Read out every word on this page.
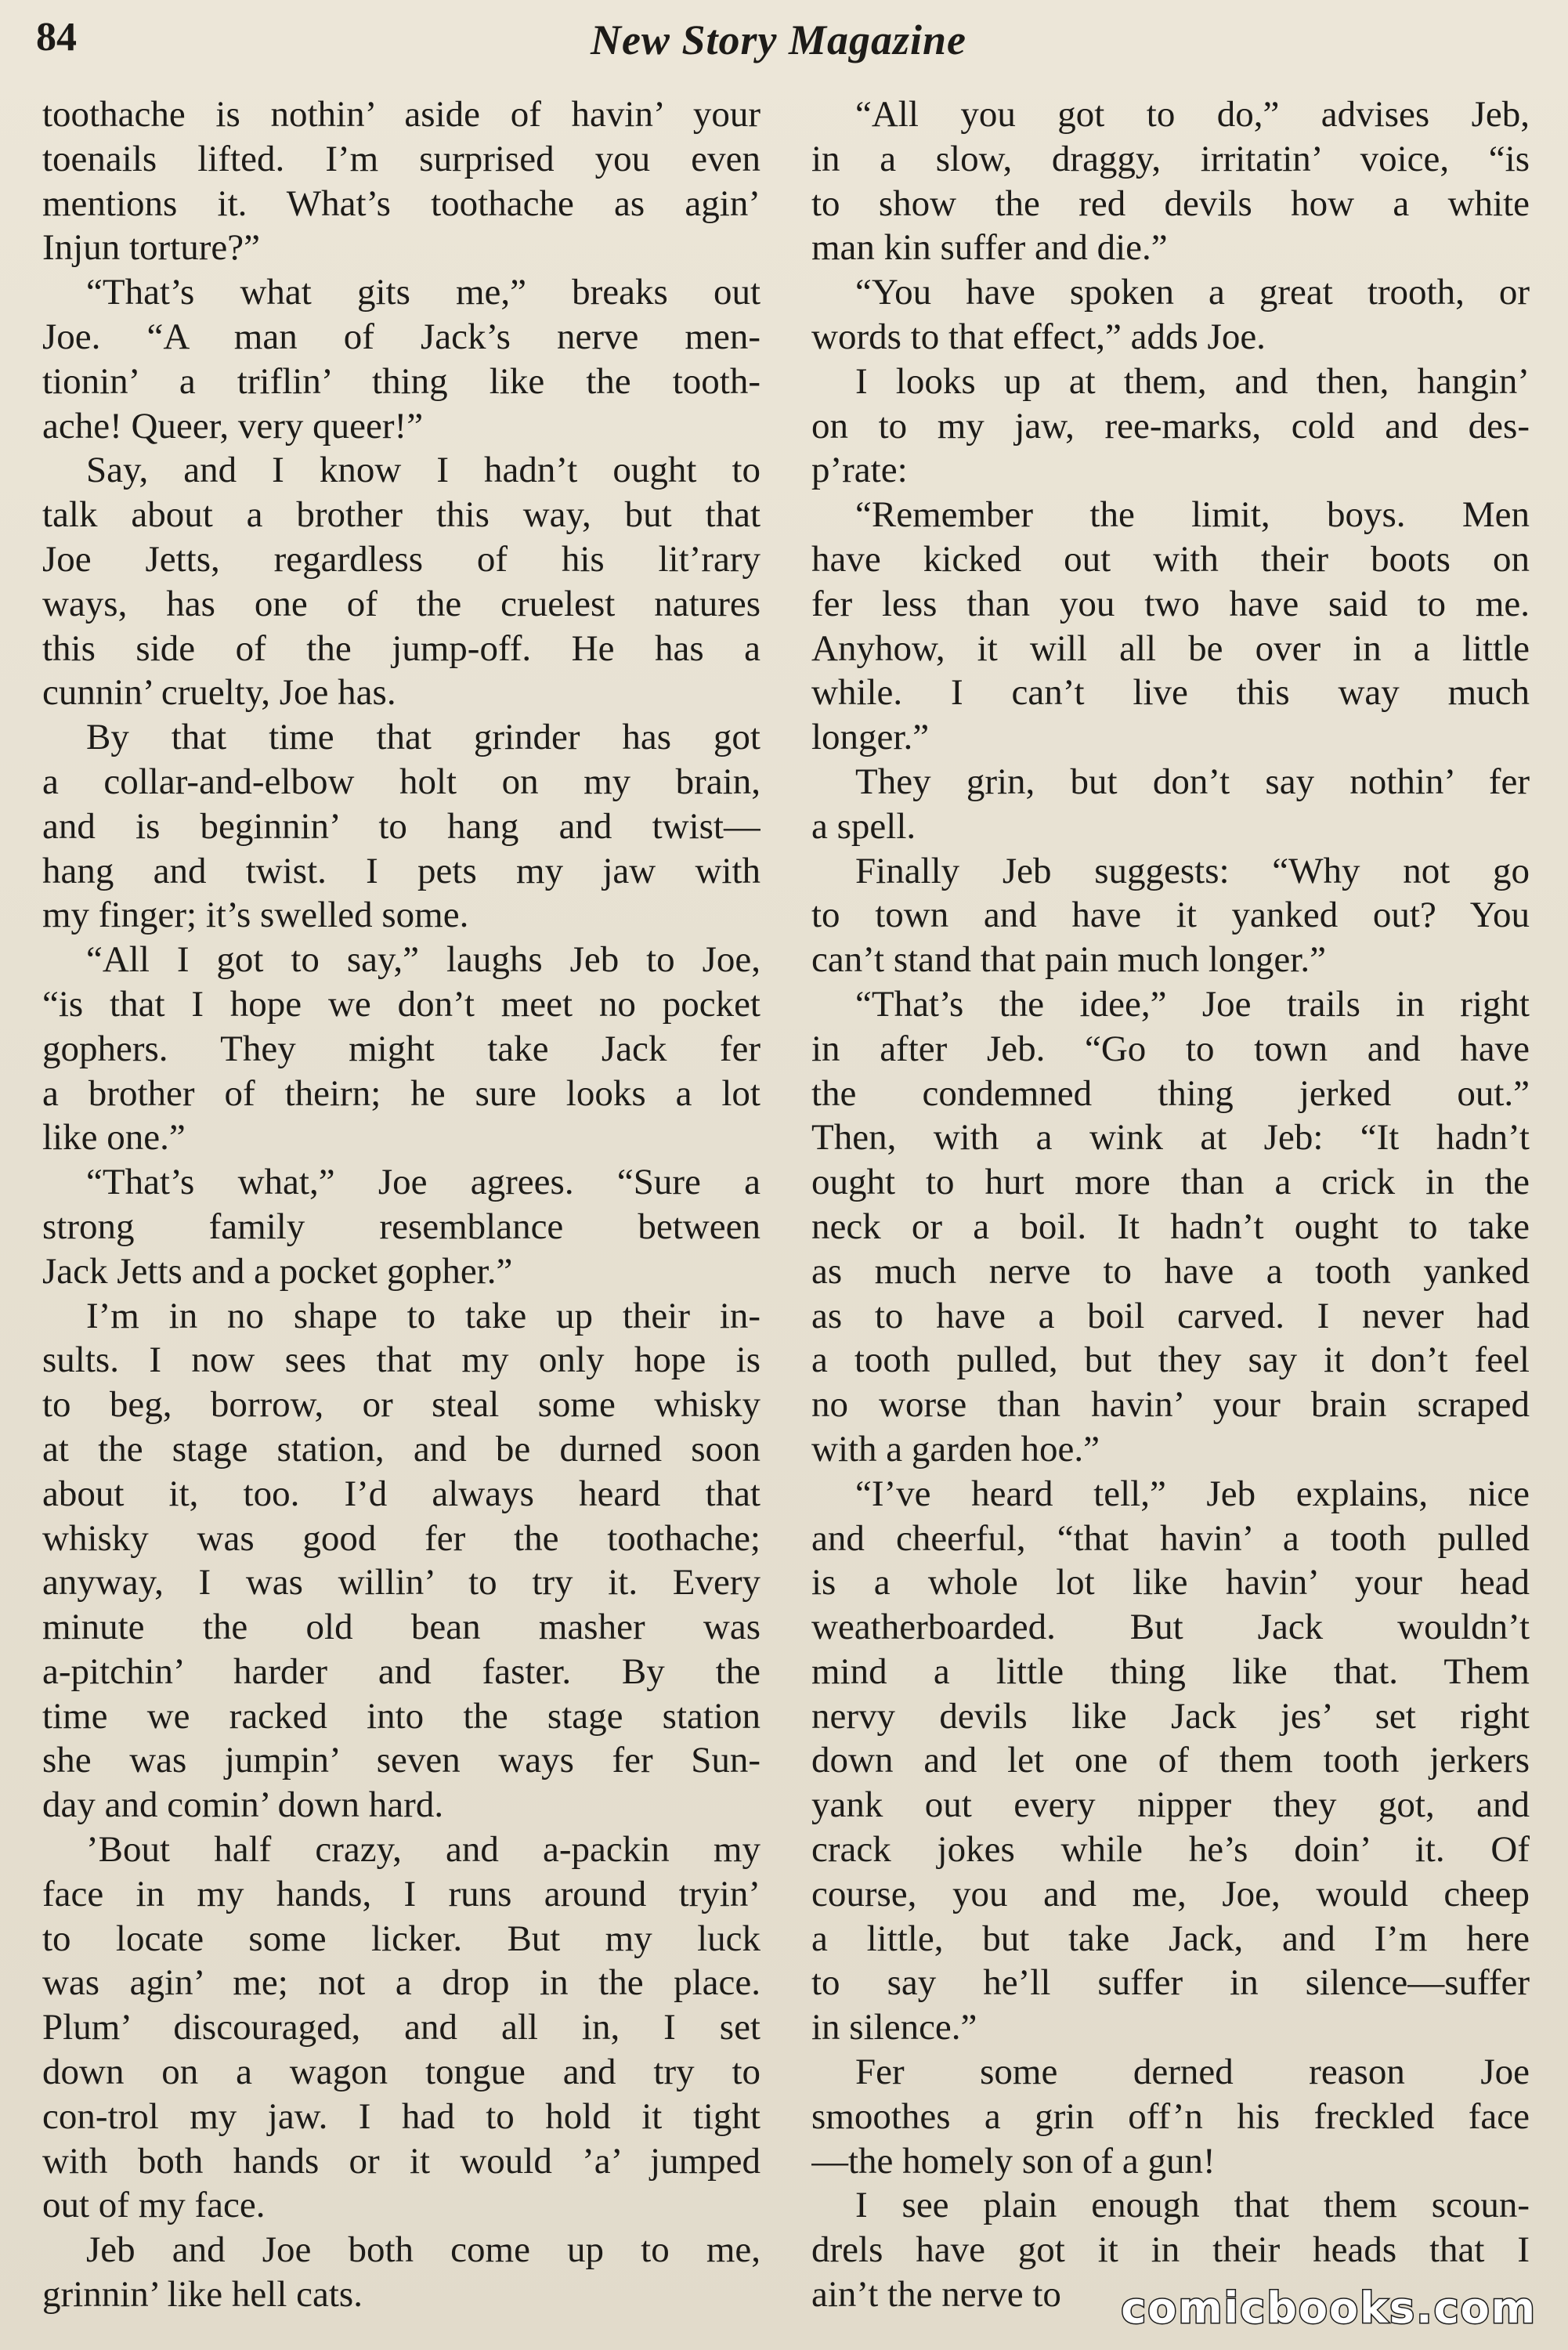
84	New Story Magazine
toothache is nothin’ aside of havin’ your
toenails lifted. I’m surprised you even
mentions it. What’s toothache as agin’
Injun torture?”
“That’s what gits me,” breaks out
Joe. “A man of Jack’s nerve men-
tionin’ a triflin’ thing like the tooth-
ache! Queer, very queer!”
Say, and I know I hadn’t ought to
talk about a brother this way, but that
Joe Jetts, regardless of his lit’rary
ways, has one of the cruelest natures
this side of the jump-off. He has a
cunnin’ cruelty, Joe has.
By that time that grinder has got
a collar-and-elbow holt on my brain,
and is beginnin’ to hang and twist—
hang and twist. I pets my jaw with
my finger; it’s swelled some.
“All I got to say,” laughs Jeb to Joe,
“is that I hope we don’t meet no pocket
gophers. They might take Jack fer
a brother of theirn; he sure looks a lot
like one.”
“That’s what,” Joe agrees. “Sure a
strong family resemblance between
Jack Jetts and a pocket gopher.”
I’m in no shape to take up their in-
sults. I now sees that my only hope is
to beg, borrow, or steal some whisky
at the stage station, and be durned soon
about it, too. I’d always heard that
whisky was good fer the toothache;
anyway, I was willin’ to try it. Every
minute the old bean masher was
a-pitchin’ harder and faster. By the
time we racked into the stage station
she was jumpin’ seven ways fer Sun-
day and comin’ down hard.
’Bout half crazy, and a-packin my
face in my hands, I runs around tryin’
to locate some licker. But my luck
was agin’ me; not a drop in the place.
Plum’ discouraged, and all in, I set
down on a wagon tongue and try to
con-trol my jaw. I had to hold it tight
with both hands or it would ’a’ jumped
out of my face.
Jeb and Joe both come up to me,
grinnin’ like hell cats.
“All you got to do,” advises Jeb,
in a slow, draggy, irritatin’ voice, “is
to show the red devils how a white
man kin suffer and die.”
“You have spoken a great trooth, or
words to that effect,” adds Joe.
I looks up at them, and then, hangin’
on to my jaw, ree-marks, cold and des-
p’rate:
“Remember the limit, boys. Men
have kicked out with their boots on
fer less than you two have said to me.
Anyhow, it will all be over in a little
while. I can’t live this way much
longer.”
They grin, but don’t say nothin’ fer
a spell.
Finally Jeb suggests: “Why not go
to town and have it yanked out? You
can’t stand that pain much longer.”
“That’s the idee,” Joe trails in right
in after Jeb. “Go to town and have
the condemned thing jerked out.”
Then, with a wink at Jeb: “It hadn’t
ought to hurt more than a crick in the
neck or a boil. It hadn’t ought to take
as much nerve to have a tooth yanked
as to have a boil carved. I never had
a tooth pulled, but they say it don’t feel
no worse than havin’ your brain scraped
with a garden hoe.”
“I’ve heard tell,” Jeb explains, nice
and cheerful, “that havin’ a tooth pulled
is a whole lot like havin’ your head
weatherboarded. But Jack wouldn’t
mind a little thing like that. Them
nervy devils like Jack jes’ set right
down and let one of them tooth jerkers
yank out every nipper they got, and
crack jokes while he’s doin’ it. Of
course, you and me, Joe, would cheep
a little, but take Jack, and I’m here
to say he’ll suffer in silence—suffer
in silence.”
Fer some derned reason Joe
smoothes a grin off’n his freckled face
—the homely son of a gun!
I see plain enough that them scoun-
drels have got it in their heads that I
ain’t the nerve to	comicbooks.com
